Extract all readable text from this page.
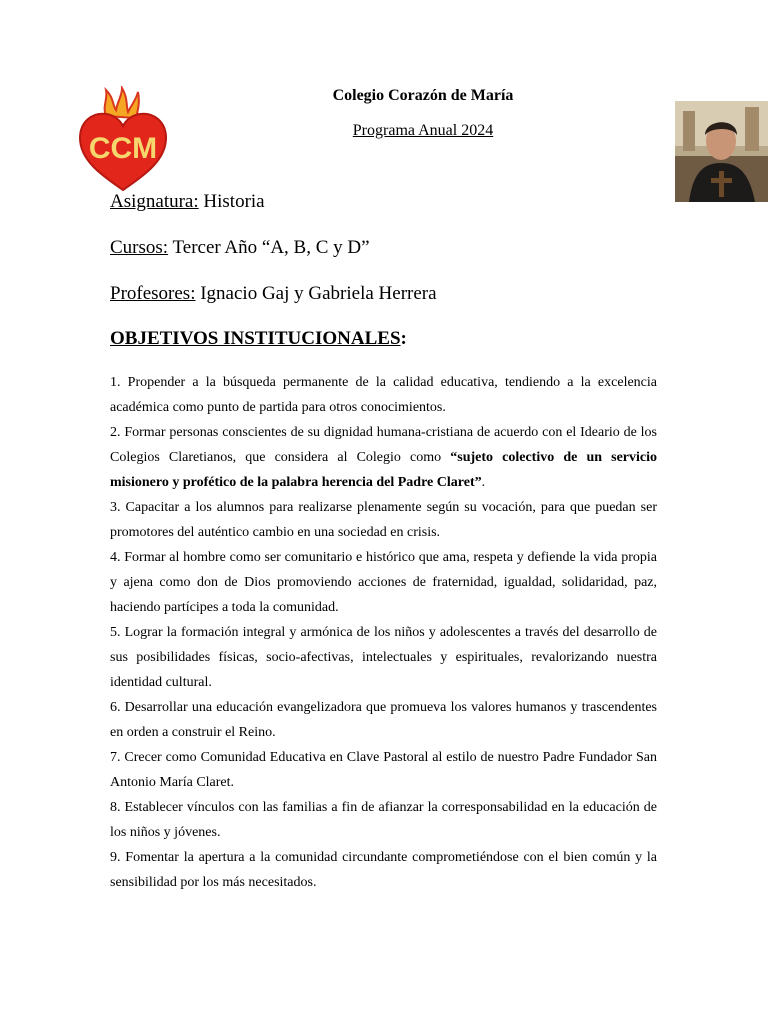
CCM
Colegio Corazón de María
Programa Anual 2024
Asignatura: Historia
Cursos: Tercer Año “A, B, C y D”
Profesores: Ignacio Gaj y Gabriela Herrera
OBJETIVOS INSTITUCIONALES:
1. Propender a la búsqueda permanente de la calidad educativa, tendiendo a la excelencia académica como punto de partida para otros conocimientos.
2. Formar personas conscientes de su dignidad humana-cristiana de acuerdo con el Ideario de los Colegios Claretianos, que considera al Colegio como “sujeto colectivo de un servicio misionero y profético de la palabra herencia del Padre Claret”.
3. Capacitar a los alumnos para realizarse plenamente según su vocación, para que puedan ser promotores del auténtico cambio en una sociedad en crisis.
4. Formar al hombre como ser comunitario e histórico que ama, respeta y defiende la vida propia y ajena como don de Dios promoviendo acciones de fraternidad, igualdad, solidaridad, paz, haciendo partícipes a toda la comunidad.
5. Lograr la formación integral y armónica de los niños y adolescentes a través del desarrollo de sus posibilidades físicas, socio-afectivas, intelectuales y espirituales, revalorizando nuestra identidad cultural.
6. Desarrollar una educación evangelizadora que promueva los valores humanos y trascendentes en orden a construir el Reino.
7. Crecer como Comunidad Educativa en Clave Pastoral al estilo de nuestro Padre Fundador San Antonio María Claret.
8. Establecer vínculos con las familias a fin de afianzar la corresponsabilidad en la educación de los niños y jóvenes.
9. Fomentar la apertura a la comunidad circundante comprometiéndose con el bien común y la sensibilidad por los más necesitados.
